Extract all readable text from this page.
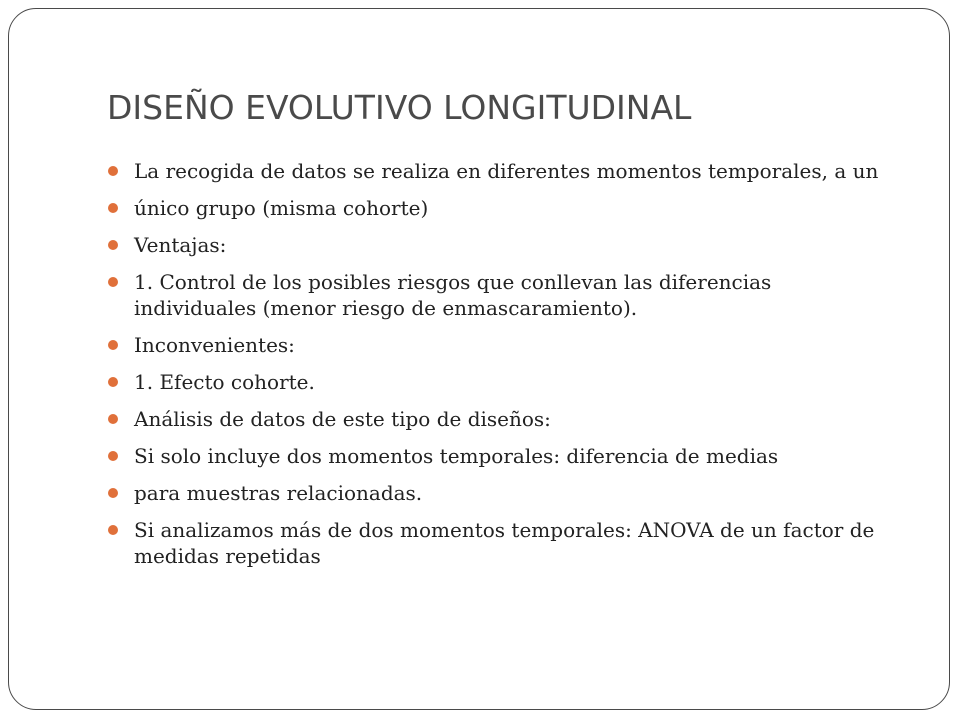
DISEÑO EVOLUTIVO LONGITUDINAL
La recogida de datos se realiza en diferentes momentos temporales, a un
único grupo (misma cohorte)
Ventajas:
1. Control de los posibles riesgos que conllevan las diferencias individuales (menor riesgo de enmascaramiento).
Inconvenientes:
1. Efecto cohorte.
Análisis de datos de este tipo de diseños:
Si solo incluye dos momentos temporales: diferencia de medias
para muestras relacionadas.
Si analizamos más de dos momentos temporales: ANOVA de un factor de medidas repetidas
